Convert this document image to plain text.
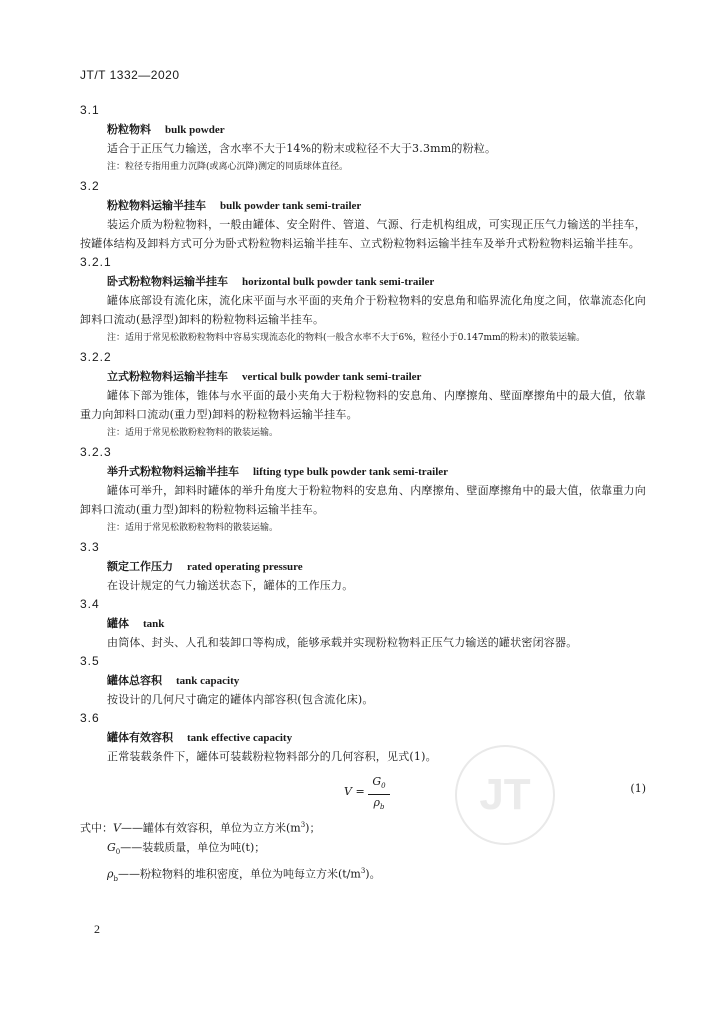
JT/T 1332—2020
JT
3.1
粉粒物料 bulk powder
适合于正压气力输送，含水率不大于14%的粉末或粒径不大于3.3mm的粉粒。
注：粒径专指用重力沉降(或离心沉降)测定的同质球体直径。
3.2
粉粒物料运输半挂车 bulk powder tank semi-trailer
装运介质为粉粒物料，一般由罐体、安全附件、管道、气源、行走机构组成，可实现正压气力输送的半挂车，按罐体结构及卸料方式可分为卧式粉粒物料运输半挂车、立式粉粒物料运输半挂车及举升式粉粒物料运输半挂车。
3.2.1
卧式粉粒物料运输半挂车 horizontal bulk powder tank semi-trailer
罐体底部设有流化床，流化床平面与水平面的夹角介于粉粒物料的安息角和临界流化角度之间，依靠流态化向卸料口流动(悬浮型)卸料的粉粒物料运输半挂车。
注：适用于常见松散粉粒物料中容易实现流态化的物料(一般含水率不大于6%，粒径小于0.147mm的粉末)的散装运输。
3.2.2
立式粉粒物料运输半挂车 vertical bulk powder tank semi-trailer
罐体下部为锥体，锥体与水平面的最小夹角大于粉粒物料的安息角、内摩擦角、壁面摩擦角中的最大值，依靠重力向卸料口流动(重力型)卸料的粉粒物料运输半挂车。
注：适用于常见松散粉粒物料的散装运输。
3.2.3
举升式粉粒物料运输半挂车 lifting type bulk powder tank semi-trailer
罐体可举升，卸料时罐体的举升角度大于粉粒物料的安息角、内摩擦角、壁面摩擦角中的最大值，依靠重力向卸料口流动(重力型)卸料的粉粒物料运输半挂车。
注：适用于常见松散粉粒物料的散装运输。
3.3
额定工作压力 rated operating pressure
在设计规定的气力输送状态下，罐体的工作压力。
3.4
罐体 tank
由筒体、封头、人孔和装卸口等构成，能够承载并实现粉粒物料正压气力输送的罐状密闭容器。
3.5
罐体总容积 tank capacity
按设计的几何尺寸确定的罐体内部容积(包含流化床)。
3.6
罐体有效容积 tank effective capacity
正常装载条件下，罐体可装载粉粒物料部分的几何容积，见式(1)。
$V = \frac{G_0}{\rho_b}$	(1)
式中：V——罐体有效容积，单位为立方米$(m^3)$；
$G_0——$装载质量，单位为吨(t)；
$\rho_b——$粉粒物料的堆积密度，单位为吨每立方米$(t/m^3)$。
2
